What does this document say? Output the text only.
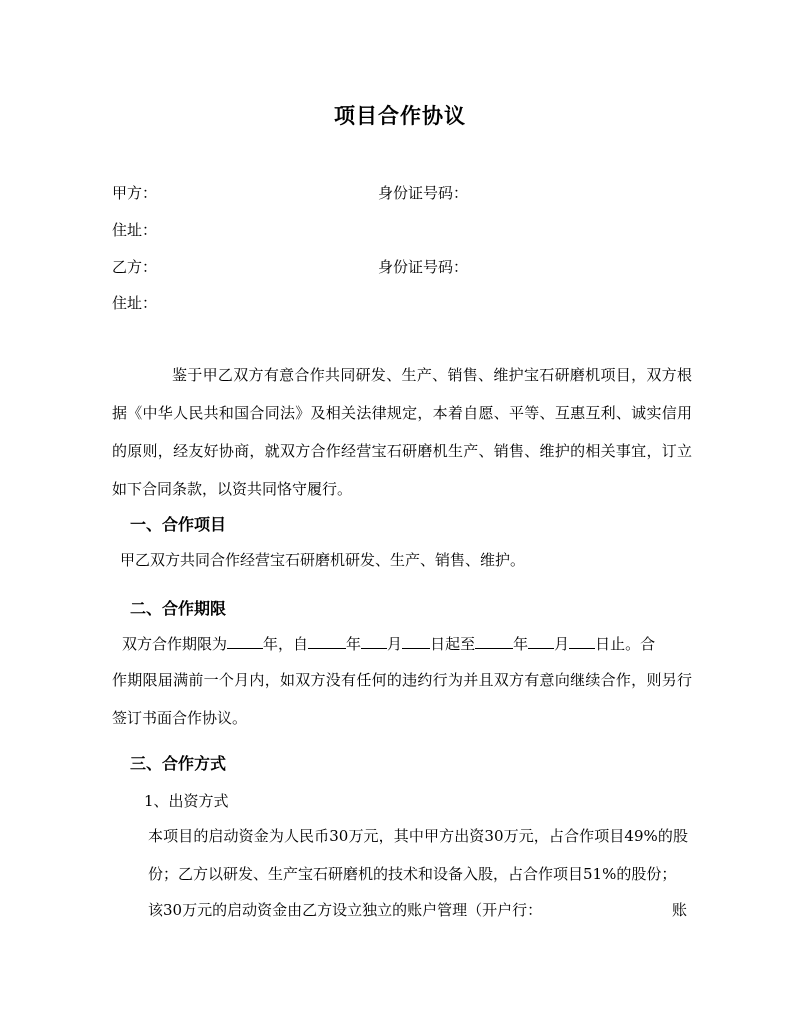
项目合作协议
甲方：	身份证号码：
住址：
乙方：	身份证号码：
住址：
鉴于甲乙双方有意合作共同研发、生产、销售、维护宝石研磨机项目，双方根据《中华人民共和国合同法》及相关法律规定，本着自愿、平等、互惠互利、诚实信用的原则，经友好协商，就双方合作经营宝石研磨机生产、销售、维护的相关事宜，订立如下合同条款，以资共同恪守履行。
一、合作项目
甲乙双方共同合作经营宝石研磨机研发、生产、销售、维护。
二、合作期限
双方合作期限为 年，自	年 月 日起至	年 月 日止。合
作期限届满前一个月内，如双方没有任何的违约行为并且双方有意向继续合作，则另行签订书面合作协议。
三、合作方式
1、出资方式
本项目的启动资金为人民币30万元，其中甲方出资30万元，占合作项目49%的股份；乙方以研发、生产宝石研磨机的技术和设备入股，占合作项目51%的股份；
该30万元的启动资金由乙方设立独立的账户管理（开户行：	账
